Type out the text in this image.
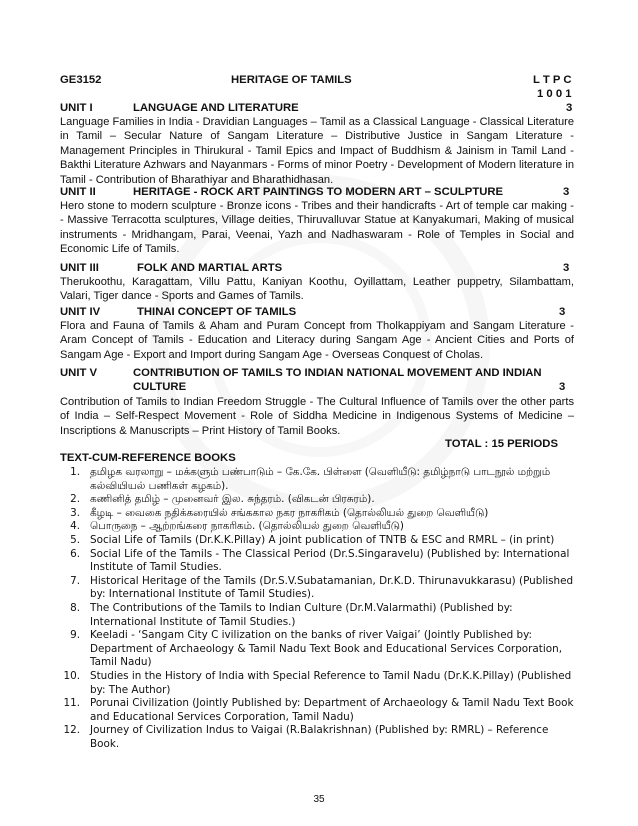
GE3152	HERITAGE OF TAMILS	L T P C
1 0 0 1
UNIT I	LANGUAGE AND LITERATURE	3

Language Families in India - Dravidian Languages – Tamil as a Classical Language - Classical Literature in Tamil – Secular Nature of Sangam Literature – Distributive Justice in Sangam Literature - Management Principles in Thirukural - Tamil Epics and Impact of Buddhism & Jainism in Tamil Land - Bakthi Literature Azhwars and Nayanmars - Forms of minor Poetry - Development of Modern literature in Tamil - Contribution of Bharathiyar and Bharathidhasan.

UNIT II	HERITAGE - ROCK ART PAINTINGS TO MODERN ART – SCULPTURE	3

Hero stone to modern sculpture - Bronze icons - Tribes and their handicrafts - Art of temple car making - - Massive Terracotta sculptures, Village deities, Thiruvalluvar Statue at Kanyakumari, Making of musical instruments - Mridhangam, Parai, Veenai, Yazh and Nadhaswaram - Role of Temples in Social and Economic Life of Tamils.

UNIT III	FOLK AND MARTIAL ARTS	3

Therukoothu, Karagattam, Villu Pattu, Kaniyan Koothu, Oyillattam, Leather puppetry, Silambattam, Valari, Tiger dance - Sports and Games of Tamils.

UNIT IV	THINAI CONCEPT OF TAMILS	3

Flora and Fauna of Tamils & Aham and Puram Concept from Tholkappiyam and Sangam Literature - Aram Concept of Tamils - Education and Literacy during Sangam Age - Ancient Cities and Ports of Sangam Age - Export and Import during Sangam Age - Overseas Conquest of Cholas.

UNIT V	CONTRIBUTION OF TAMILS TO INDIAN NATIONAL MOVEMENT AND INDIAN
CULTURE	3

Contribution of Tamils to Indian Freedom Struggle - The Cultural Influence of Tamils over the other parts of India – Self-Respect Movement - Role of Siddha Medicine in Indigenous Systems of Medicine – Inscriptions & Manuscripts – Print History of Tamil Books.

TOTAL : 15 PERIODS
TEXT-CUM-REFERENCE BOOKS
1. தமிழக வரலாறு – மக்களும் பண்பாடும் – கே.கே. பிள்ளை (வெளியீடு: தமிழ்நாடு பாடநூல் மற்றும் கல்வியியல் பணிகள் கழகம்).
2. கணினித் தமிழ் – முனைவர் இல. சுந்தரம். (விகடன் பிரசுரம்).
3. கீழடி – வைகை நதிக்கரையில் சங்ககால நகர நாகரிகம் (தொல்லியல் துறை வெளியீடு)
4. பொருநை – ஆற்றங்கரை நாகரிகம். (தொல்லியல் துறை வெளியீடு)
5. Social Life of Tamils (Dr.K.K.Pillay) A joint publication of TNTB & ESC and RMRL – (in print)
6. Social Life of the Tamils - The Classical Period (Dr.S.Singaravelu) (Published by: International Institute of Tamil Studies.
7. Historical Heritage of the Tamils (Dr.S.V.Subatamanian, Dr.K.D. Thirunavukkarasu) (Published by: International Institute of Tamil Studies).
8. The Contributions of the Tamils to Indian Culture (Dr.M.Valarmathi) (Published by: International Institute of Tamil Studies.)
9. Keeladi - ‘Sangam City C ivilization on the banks of river Vaigai’ (Jointly Published by: Department of Archaeology & Tamil Nadu Text Book and Educational Services Corporation, Tamil Nadu)
10. Studies in the History of India with Special Reference to Tamil Nadu (Dr.K.K.Pillay) (Published by: The Author)
11. Porunai Civilization (Jointly Published by: Department of Archaeology & Tamil Nadu Text Book and Educational Services Corporation, Tamil Nadu)
12. Journey of Civilization Indus to Vaigai (R.Balakrishnan) (Published by: RMRL) – Reference Book.
35
